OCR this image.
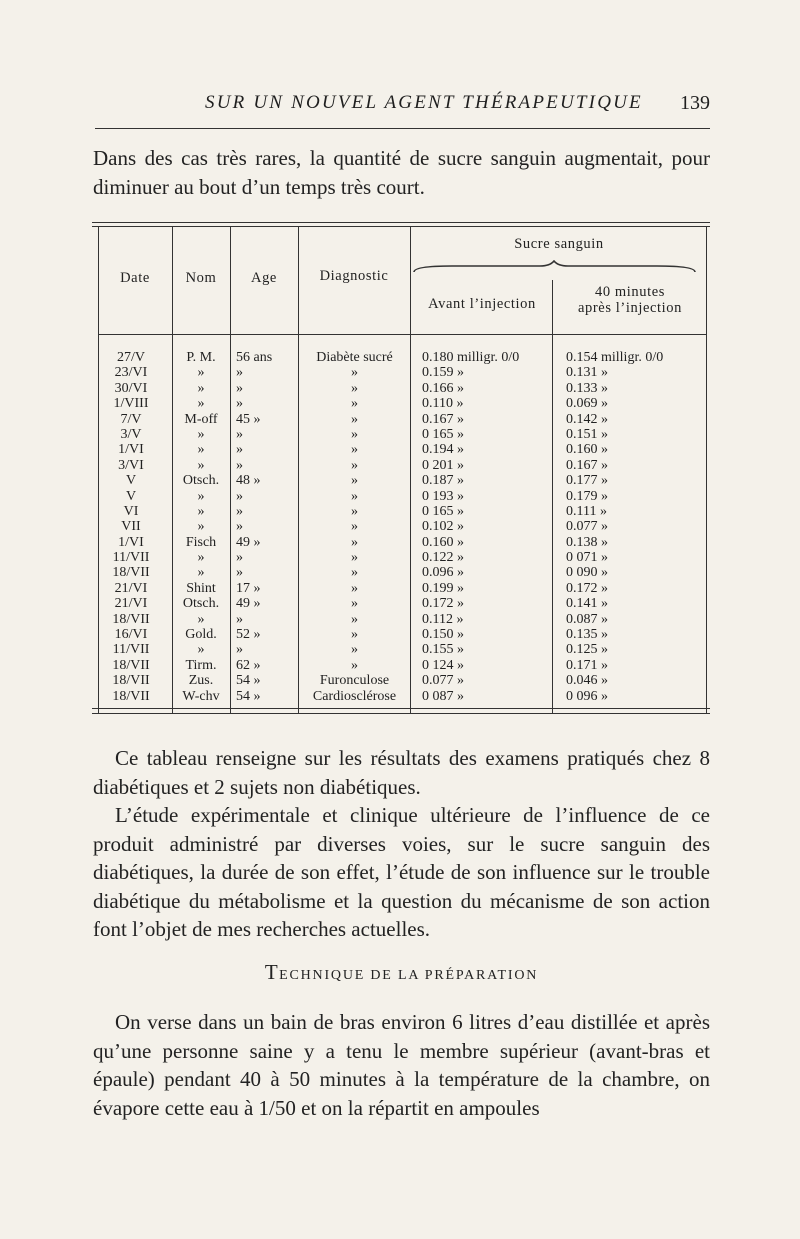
SUR UN NOUVEL AGENT THÉRAPEUTIQUE 139
Dans des cas très rares, la quantité de sucre sanguin augmentait, pour diminuer au bout d’un temps très court.
Date	Nom	Age	Diagnostic
Sucre sanguin
Avant l’injection
40 minutes
après l’injection
27/V	P. M.	56 ans	Diabète sucré	0.180 milligr. 0/0	0.154 milligr. 0/0
23/VI	»	»	»	0.159 »	0.131 »
30/VI	»	»	»	0.166 »	0.133 »
1/VIII	»	»	»	0.110 »	0.069 »
7/V	M-off	45 »	»	0.167 »	0.142 »
3/V	»	»	»	0 165 »	0.151 »
1/VI	»	»	»	0.194 »	0.160 »
3/VI	»	»	»	0 201 »	0.167 »
V	Otsch.	48 »	»	0.187 »	0.177 »
V	»	»	»	0 193 »	0.179 »
VI	»	»	»	0 165 »	0.111 »
VII	»	»	»	0.102 »	0.077 »
1/VI	Fisch	49 »	»	0.160 »	0.138 »
11/VII	»	»	»	0.122 »	0 071 »
18/VII	»	»	»	0.096 »	0 090 »
21/VI	Shint	17 »	»	0.199 »	0.172 »
21/VI	Otsch.	49 »	»	0.172 »	0.141 »
18/VII	»	»	»	0.112 »	0.087 »
16/VI	Gold.	52 »	»	0.150 »	0.135 »
11/VII	»	»	»	0.155 »	0.125 »
18/VII	Tirm.	62 »	»	0 124 »	0.171 »
18/VII	Zus.	54 »	Furonculose	0.077 »	0.046 »
18/VII	W-chv	54 »	Cardiosclérose	0 087 »	0 096 »
Ce tableau renseigne sur les résultats des examens pratiqués chez 8 diabétiques et 2 sujets non diabétiques.
L’étude expérimentale et clinique ultérieure de l’influence de ce produit administré par diverses voies, sur le sucre sanguin des diabétiques, la durée de son effet, l’étude de son influence sur le trouble diabétique du métabolisme et la question du mécanisme de son action font l’objet de mes recherches actuelles.
TECHNIQUE DE LA PRÉPARATION
On verse dans un bain de bras environ 6 litres d’eau distillée et après qu’une personne saine y a tenu le membre supérieur (avant-bras et épaule) pendant 40 à 50 minutes à la température de la chambre, on évapore cette eau à 1/50 et on la répartit en ampoules
